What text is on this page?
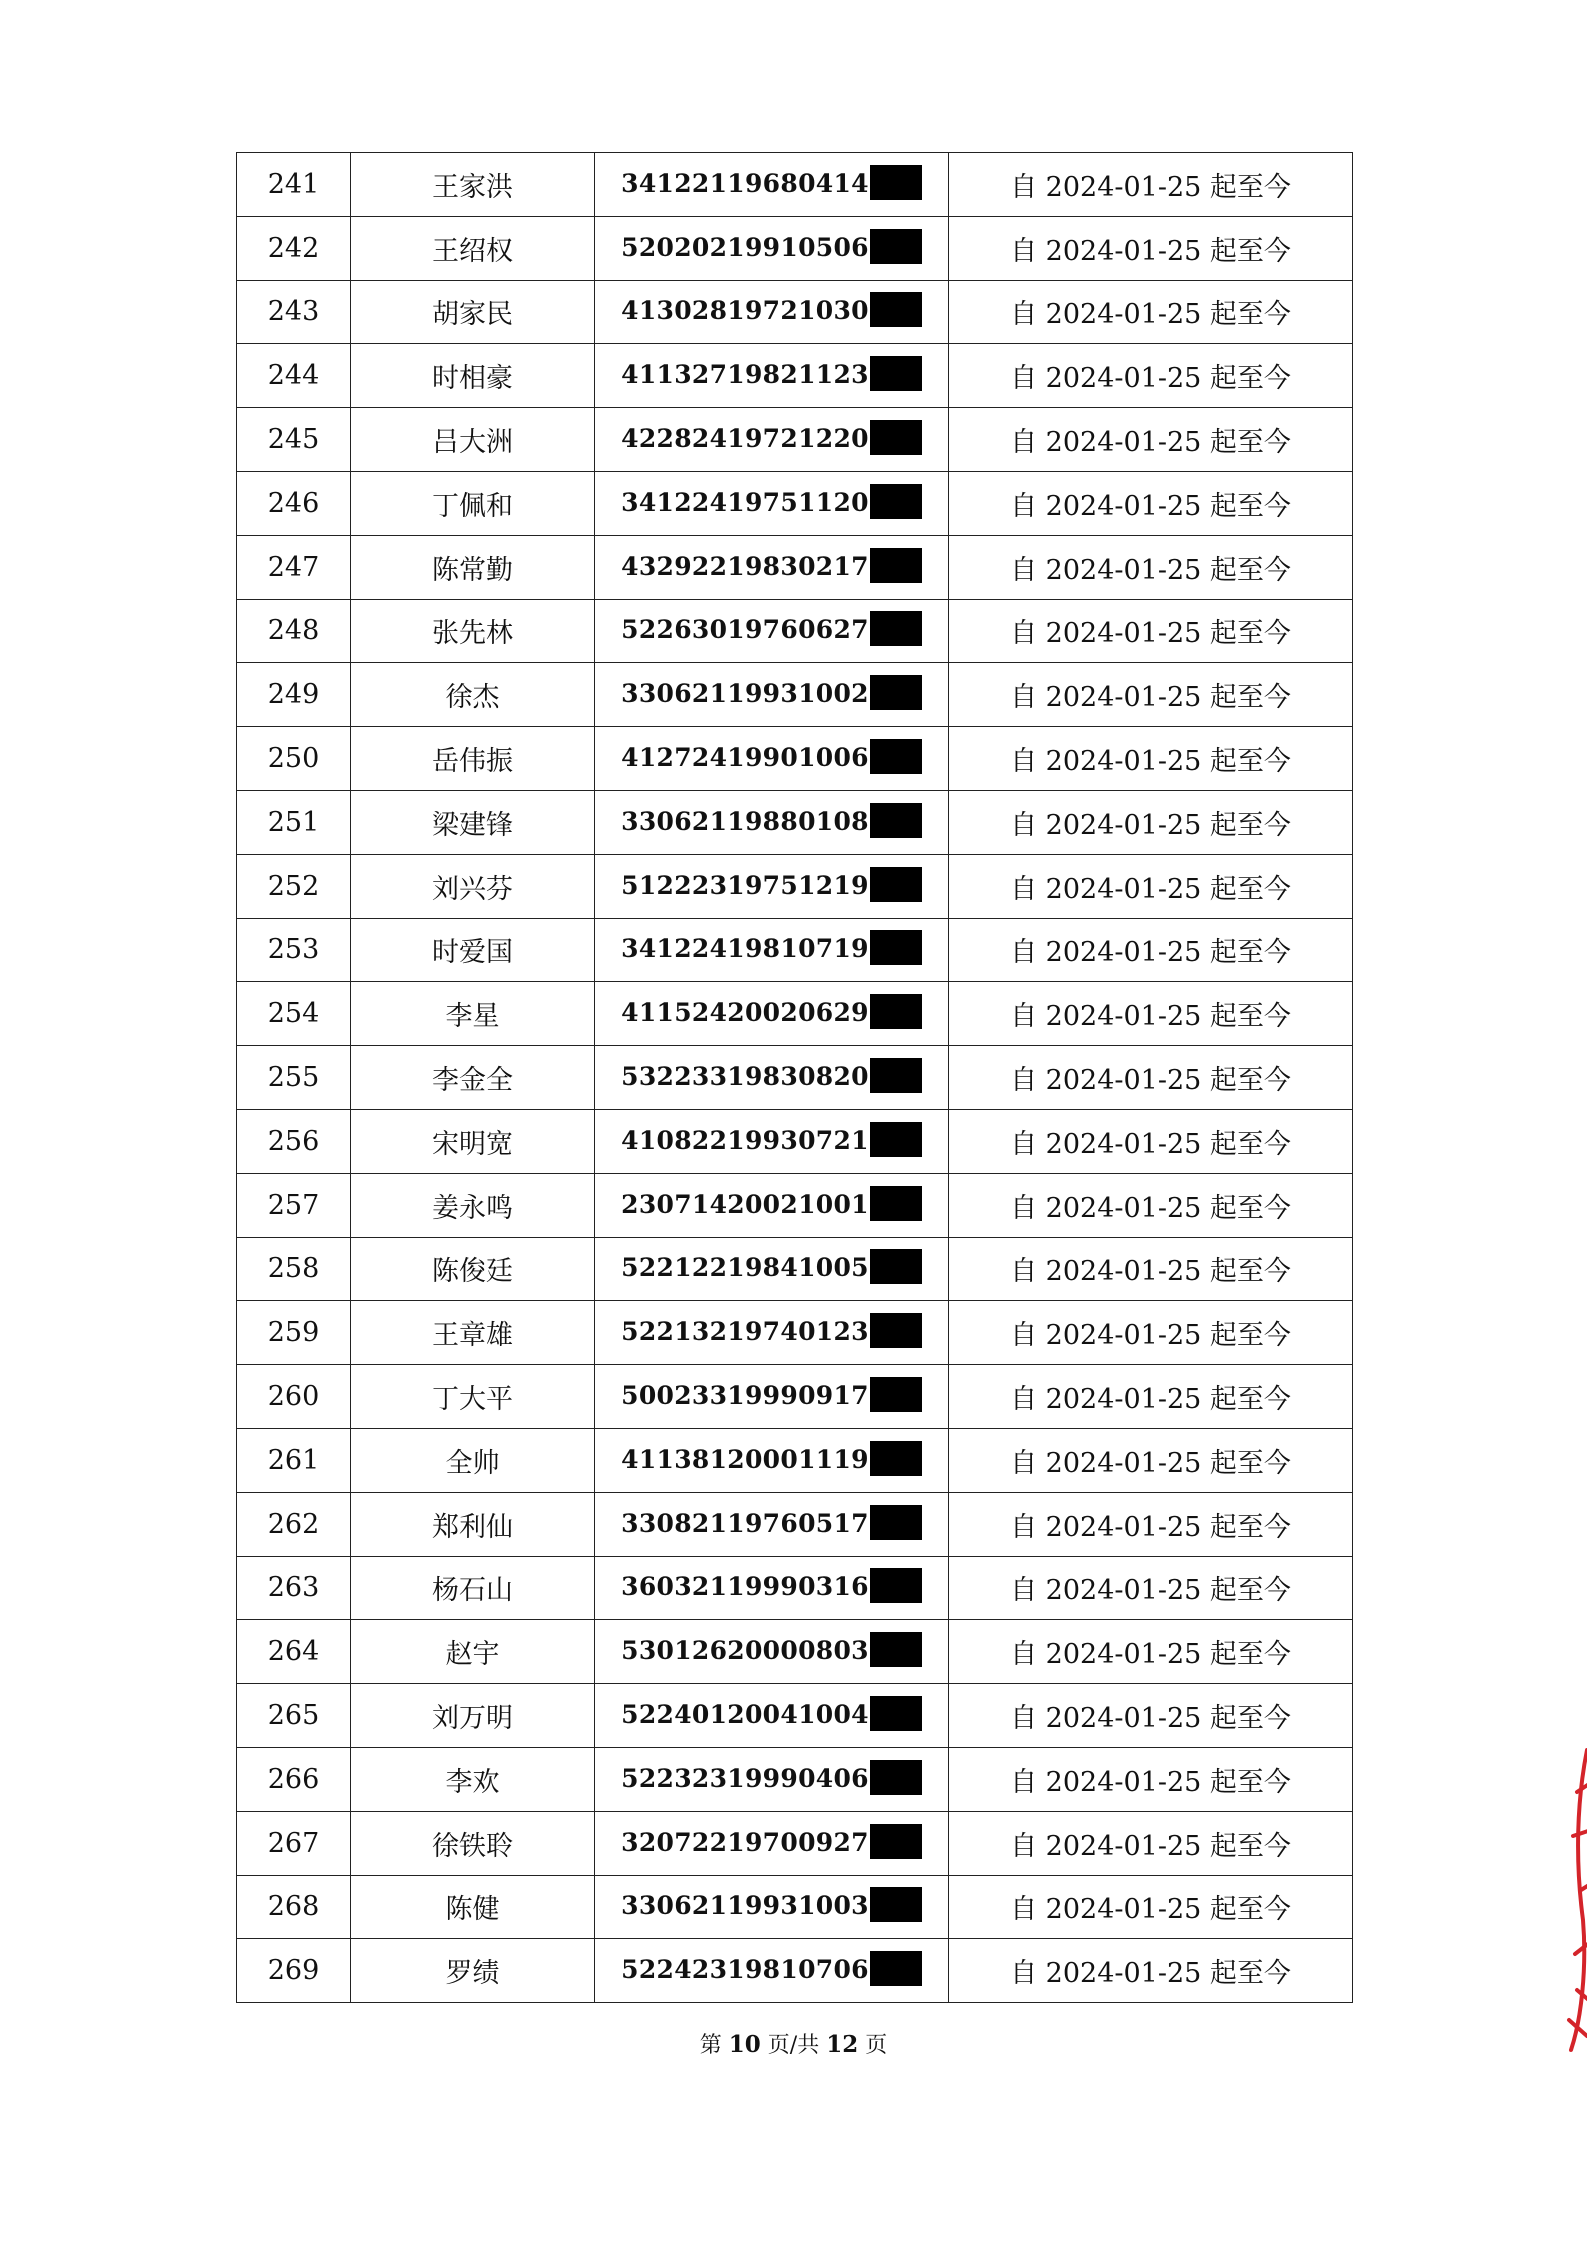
241	王家洪	34122119680414	自 2024-01-25 起至今
242	王绍权	52020219910506	自 2024-01-25 起至今
243	胡家民	41302819721030	自 2024-01-25 起至今
244	时相豪	41132719821123	自 2024-01-25 起至今
245	吕大洲	42282419721220	自 2024-01-25 起至今
246	丁佩和	34122419751120	自 2024-01-25 起至今
247	陈常勤	43292219830217	自 2024-01-25 起至今
248	张先林	52263019760627	自 2024-01-25 起至今
249	徐杰	33062119931002	自 2024-01-25 起至今
250	岳伟振	41272419901006	自 2024-01-25 起至今
251	梁建锋	33062119880108	自 2024-01-25 起至今
252	刘兴芬	51222319751219	自 2024-01-25 起至今
253	时爱国	34122419810719	自 2024-01-25 起至今
254	李星	41152420020629	自 2024-01-25 起至今
255	李金全	53223319830820	自 2024-01-25 起至今
256	宋明宽	41082219930721	自 2024-01-25 起至今
257	姜永鸣	23071420021001	自 2024-01-25 起至今
258	陈俊廷	52212219841005	自 2024-01-25 起至今
259	王章雄	52213219740123	自 2024-01-25 起至今
260	丁大平	50023319990917	自 2024-01-25 起至今
261	全帅	41138120001119	自 2024-01-25 起至今
262	郑利仙	33082119760517	自 2024-01-25 起至今
263	杨石山	36032119990316	自 2024-01-25 起至今
264	赵宇	53012620000803	自 2024-01-25 起至今
265	刘万明	52240120041004	自 2024-01-25 起至今
266	李欢	52232319990406	自 2024-01-25 起至今
267	徐铁聆	32072219700927	自 2024-01-25 起至今
268	陈健	33062119931003	自 2024-01-25 起至今
269	罗绩	52242319810706	自 2024-01-25 起至今
第 10 页/共 12 页
